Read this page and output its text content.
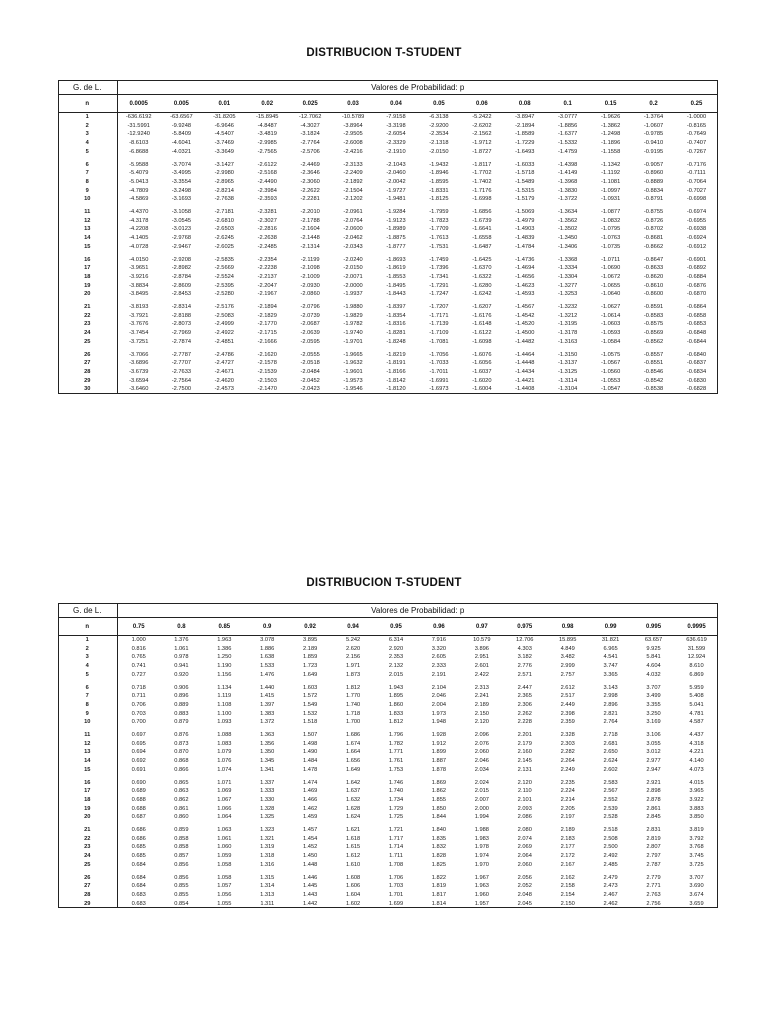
DISTRIBUCION T-STUDENT
G. de L.	Valores de Probabilidad: p													
n	0.0005	0.005	0.01	0.02	0.025	0.03	0.04	0.05	0.06	0.08	0.1	0.15	0.2	0.25
1	-636.6192	-63.6567	-31.8205	-15.8945	-12.7062	-10.5789	-7.9158	-6.3138	-5.2422	-3.8947	-3.0777	-1.9626	-1.3764	-1.0000
2	-31.5991	-9.9248	-6.9646	-4.8487	-4.3027	-3.8964	-3.3198	-2.9200	-2.6202	-2.1894	-1.8856	-1.3862	-1.0607	-0.8165
3	-12.9240	-5.8409	-4.5407	-3.4819	-3.1824	-2.9505	-2.6054	-2.3534	-2.1562	-1.8589	-1.6377	-1.2498	-0.9785	-0.7649
4	-8.6103	-4.6041	-3.7469	-2.9985	-2.7764	-2.6008	-2.3329	-2.1318	-1.9712	-1.7229	-1.5332	-1.1896	-0.9410	-0.7407
5	-6.8688	-4.0321	-3.3649	-2.7565	-2.5706	-2.4216	-2.1910	-2.0150	-1.8727	-1.6493	-1.4759	-1.1558	-0.9195	-0.7267
6	-5.9588	-3.7074	-3.1427	-2.6122	-2.4469	-2.3133	-2.1043	-1.9432	-1.8117	-1.6033	-1.4398	-1.1342	-0.9057	-0.7176
7	-5.4079	-3.4995	-2.9980	-2.5168	-2.3646	-2.2409	-2.0460	-1.8946	-1.7702	-1.5718	-1.4149	-1.1192	-0.8960	-0.7111
8	-5.0413	-3.3554	-2.8965	-2.4490	-2.3060	-2.1892	-2.0042	-1.8595	-1.7402	-1.5489	-1.3968	-1.1081	-0.8889	-0.7064
9	-4.7809	-3.2498	-2.8214	-2.3984	-2.2622	-2.1504	-1.9727	-1.8331	-1.7176	-1.5315	-1.3830	-1.0997	-0.8834	-0.7027
10	-4.5869	-3.1693	-2.7638	-2.3593	-2.2281	-2.1202	-1.9481	-1.8125	-1.6998	-1.5179	-1.3722	-1.0931	-0.8791	-0.6998
11	-4.4370	-3.1058	-2.7181	-2.3281	-2.2010	-2.0961	-1.9284	-1.7959	-1.6856	-1.5069	-1.3634	-1.0877	-0.8755	-0.6974
12	-4.3178	-3.0545	-2.6810	-2.3027	-2.1788	-2.0764	-1.9123	-1.7823	-1.6739	-1.4979	-1.3562	-1.0832	-0.8726	-0.6955
13	-4.2208	-3.0123	-2.6503	-2.2816	-2.1604	-2.0600	-1.8989	-1.7709	-1.6641	-1.4903	-1.3502	-1.0795	-0.8702	-0.6938
14	-4.1405	-2.9768	-2.6245	-2.2638	-2.1448	-2.0462	-1.8875	-1.7613	-1.6558	-1.4839	-1.3450	-1.0763	-0.8681	-0.6924
15	-4.0728	-2.9467	-2.6025	-2.2485	-2.1314	-2.0343	-1.8777	-1.7531	-1.6487	-1.4784	-1.3406	-1.0735	-0.8662	-0.6912
16	-4.0150	-2.9208	-2.5835	-2.2354	-2.1199	-2.0240	-1.8693	-1.7459	-1.6425	-1.4736	-1.3368	-1.0711	-0.8647	-0.6901
17	-3.9651	-2.8982	-2.5669	-2.2238	-2.1098	-2.0150	-1.8619	-1.7396	-1.6370	-1.4694	-1.3334	-1.0690	-0.8633	-0.6892
18	-3.9216	-2.8784	-2.5524	-2.2137	-2.1009	-2.0071	-1.8553	-1.7341	-1.6322	-1.4656	-1.3304	-1.0672	-0.8620	-0.6884
19	-3.8834	-2.8609	-2.5395	-2.2047	-2.0930	-2.0000	-1.8495	-1.7291	-1.6280	-1.4623	-1.3277	-1.0655	-0.8610	-0.6876
20	-3.8495	-2.8453	-2.5280	-2.1967	-2.0860	-1.9937	-1.8443	-1.7247	-1.6242	-1.4593	-1.3253	-1.0640	-0.8600	-0.6870
21	-3.8193	-2.8314	-2.5176	-2.1894	-2.0796	-1.9880	-1.8397	-1.7207	-1.6207	-1.4567	-1.3232	-1.0627	-0.8591	-0.6864
22	-3.7921	-2.8188	-2.5083	-2.1829	-2.0739	-1.9829	-1.8354	-1.7171	-1.6176	-1.4542	-1.3212	-1.0614	-0.8583	-0.6858
23	-3.7676	-2.8073	-2.4999	-2.1770	-2.0687	-1.9782	-1.8316	-1.7139	-1.6148	-1.4520	-1.3195	-1.0603	-0.8575	-0.6853
24	-3.7454	-2.7969	-2.4922	-2.1715	-2.0639	-1.9740	-1.8281	-1.7109	-1.6122	-1.4500	-1.3178	-1.0593	-0.8569	-0.6848
25	-3.7251	-2.7874	-2.4851	-2.1666	-2.0595	-1.9701	-1.8248	-1.7081	-1.6098	-1.4482	-1.3163	-1.0584	-0.8562	-0.6844
26	-3.7066	-2.7787	-2.4786	-2.1620	-2.0555	-1.9665	-1.8219	-1.7056	-1.6076	-1.4464	-1.3150	-1.0575	-0.8557	-0.6840
27	-3.6896	-2.7707	-2.4727	-2.1578	-2.0518	-1.9632	-1.8191	-1.7033	-1.6056	-1.4448	-1.3137	-1.0567	-0.8551	-0.6837
28	-3.6739	-2.7633	-2.4671	-2.1539	-2.0484	-1.9601	-1.8166	-1.7011	-1.6037	-1.4434	-1.3125	-1.0560	-0.8546	-0.6834
29	-3.6594	-2.7564	-2.4620	-2.1503	-2.0452	-1.9573	-1.8142	-1.6991	-1.6020	-1.4421	-1.3114	-1.0553	-0.8542	-0.6830
30	-3.6460	-2.7500	-2.4573	-2.1470	-2.0423	-1.9546	-1.8120	-1.6973	-1.6004	-1.4408	-1.3104	-1.0547	-0.8538	-0.6828
DISTRIBUCION T-STUDENT
G. de L.	Valores de Probabilidad: p													
n	0.75	0.8	0.85	0.9	0.92	0.94	0.95	0.96	0.97	0.975	0.98	0.99	0.995	0.9995
1	1.000	1.376	1.963	3.078	3.895	5.242	6.314	7.916	10.579	12.706	15.895	31.821	63.657	636.619
2	0.816	1.061	1.386	1.886	2.189	2.620	2.920	3.320	3.896	4.303	4.849	6.965	9.925	31.599
3	0.765	0.978	1.250	1.638	1.859	2.156	2.353	2.605	2.951	3.182	3.482	4.541	5.841	12.924
4	0.741	0.941	1.190	1.533	1.723	1.971	2.132	2.333	2.601	2.776	2.999	3.747	4.604	8.610
5	0.727	0.920	1.156	1.476	1.649	1.873	2.015	2.191	2.422	2.571	2.757	3.365	4.032	6.869
6	0.718	0.906	1.134	1.440	1.603	1.812	1.943	2.104	2.313	2.447	2.612	3.143	3.707	5.959
7	0.711	0.896	1.119	1.415	1.572	1.770	1.895	2.046	2.241	2.365	2.517	2.998	3.499	5.408
8	0.706	0.889	1.108	1.397	1.549	1.740	1.860	2.004	2.189	2.306	2.449	2.896	3.355	5.041
9	0.703	0.883	1.100	1.383	1.532	1.718	1.833	1.973	2.150	2.262	2.398	2.821	3.250	4.781
10	0.700	0.879	1.093	1.372	1.518	1.700	1.812	1.948	2.120	2.228	2.359	2.764	3.169	4.587
11	0.697	0.876	1.088	1.363	1.507	1.686	1.796	1.928	2.096	2.201	2.328	2.718	3.106	4.437
12	0.695	0.873	1.083	1.356	1.498	1.674	1.782	1.912	2.076	2.179	2.303	2.681	3.055	4.318
13	0.694	0.870	1.079	1.350	1.490	1.664	1.771	1.899	2.060	2.160	2.282	2.650	3.012	4.221
14	0.692	0.868	1.076	1.345	1.484	1.656	1.761	1.887	2.046	2.145	2.264	2.624	2.977	4.140
15	0.691	0.866	1.074	1.341	1.478	1.649	1.753	1.878	2.034	2.131	2.249	2.602	2.947	4.073
16	0.690	0.865	1.071	1.337	1.474	1.642	1.746	1.869	2.024	2.120	2.235	2.583	2.921	4.015
17	0.689	0.863	1.069	1.333	1.469	1.637	1.740	1.862	2.015	2.110	2.224	2.567	2.898	3.965
18	0.688	0.862	1.067	1.330	1.466	1.632	1.734	1.855	2.007	2.101	2.214	2.552	2.878	3.922
19	0.688	0.861	1.066	1.328	1.462	1.628	1.729	1.850	2.000	2.093	2.205	2.539	2.861	3.883
20	0.687	0.860	1.064	1.325	1.459	1.624	1.725	1.844	1.994	2.086	2.197	2.528	2.845	3.850
21	0.686	0.859	1.063	1.323	1.457	1.621	1.721	1.840	1.988	2.080	2.189	2.518	2.831	3.819
22	0.686	0.858	1.061	1.321	1.454	1.618	1.717	1.835	1.983	2.074	2.183	2.508	2.819	3.792
23	0.685	0.858	1.060	1.319	1.452	1.615	1.714	1.832	1.978	2.069	2.177	2.500	2.807	3.768
24	0.685	0.857	1.059	1.318	1.450	1.612	1.711	1.828	1.974	2.064	2.172	2.492	2.797	3.745
25	0.684	0.856	1.058	1.316	1.448	1.610	1.708	1.825	1.970	2.060	2.167	2.485	2.787	3.725
26	0.684	0.856	1.058	1.315	1.446	1.608	1.706	1.822	1.967	2.056	2.162	2.479	2.779	3.707
27	0.684	0.855	1.057	1.314	1.445	1.606	1.703	1.819	1.963	2.052	2.158	2.473	2.771	3.690
28	0.683	0.855	1.056	1.313	1.443	1.604	1.701	1.817	1.960	2.048	2.154	2.467	2.763	3.674
29	0.683	0.854	1.055	1.311	1.442	1.602	1.699	1.814	1.957	2.045	2.150	2.462	2.756	3.659
